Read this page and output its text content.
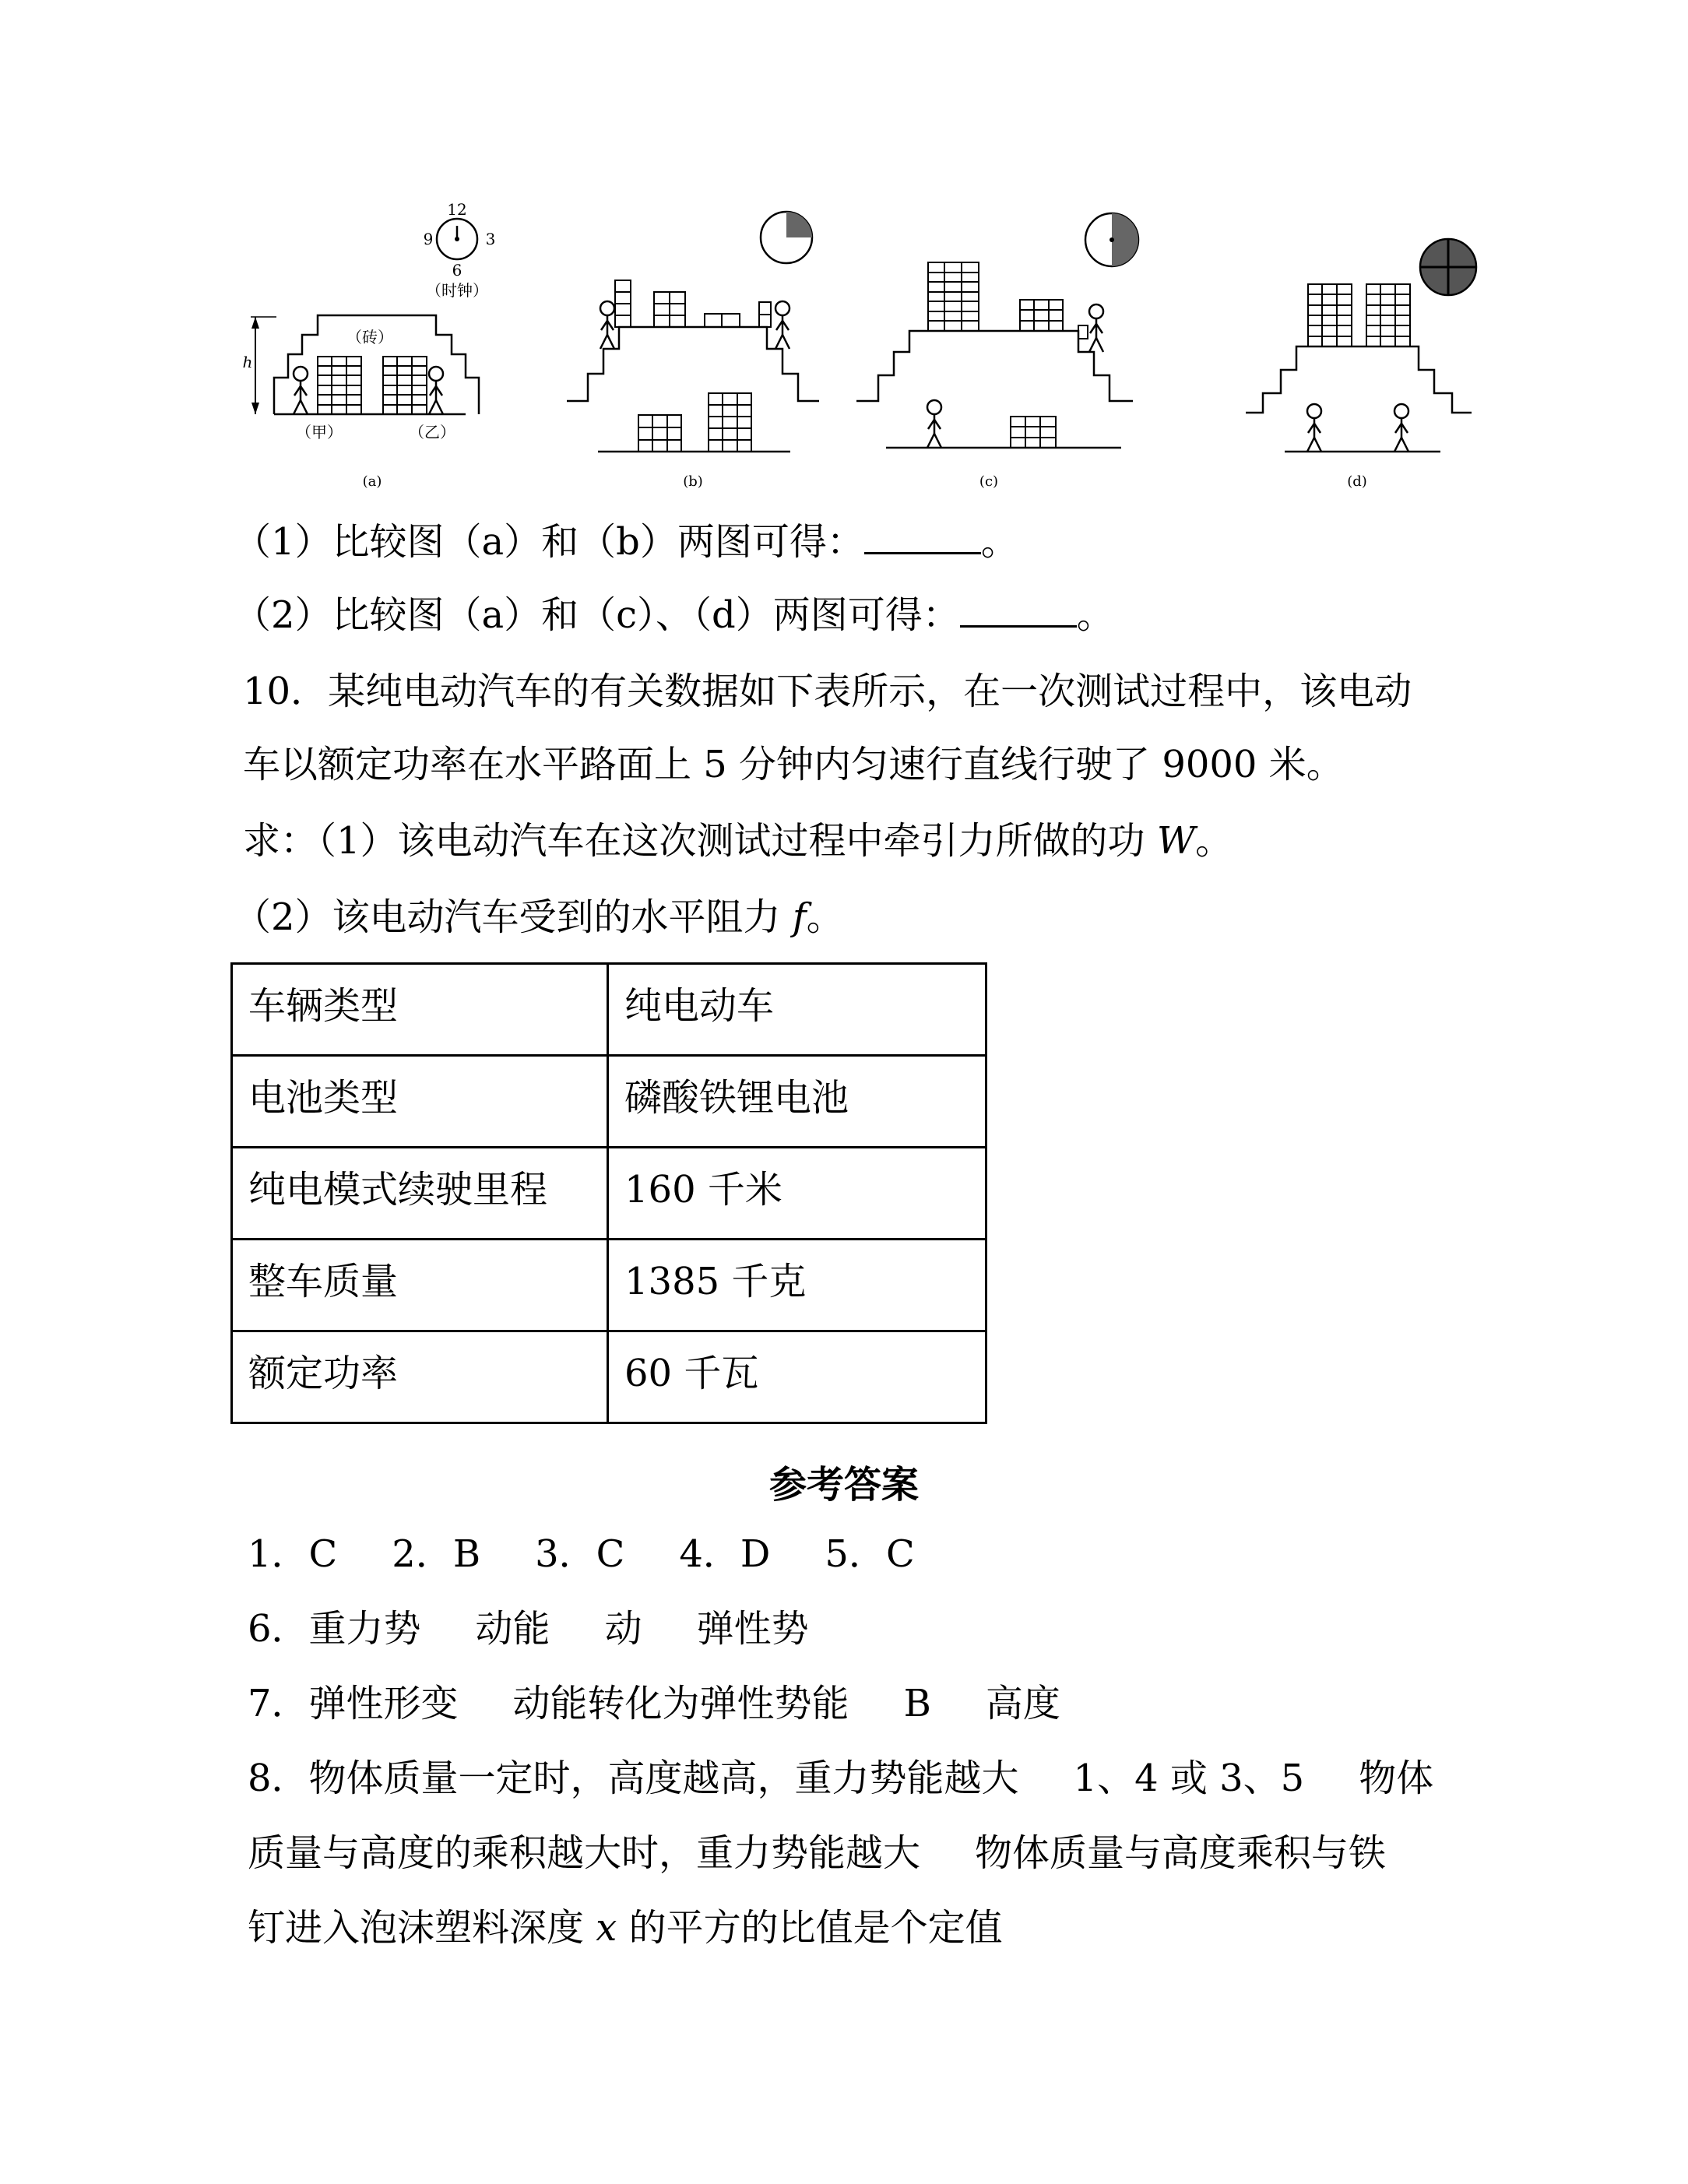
12
3
6
9
（时钟）
（砖）
h
（甲）	（乙）
(a)	(b)	(c)	(d)
（1）比较图（a）和（b）两图可得：	。
（2）比较图（a）和（c）、（d）两图可得：	。
10．某纯电动汽车的有关数据如下表所示，在一次测试过程中，该电动
车以额定功率在水平路面上 5 分钟内匀速行直线行驶了 9000 米。
求：（1）该电动汽车在这次测试过程中牵引力所做的功 W。
（2）该电动汽车受到的水平阻力 f。
车辆类型	纯电动车
电池类型	磷酸铁锂电池
纯电模式续驶里程	160 千米
整车质量	1385 千克
额定功率	60 千瓦
参考答案
1．C 2．B 3．C 4．D 5．C
6．重力势 动能 动 弹性势
7．弹性形变 动能转化为弹性势能 B 高度
8．物体质量一定时，高度越高，重力势能越大 1、4 或 3、5 物体
质量与高度的乘积越大时，重力势能越大 物体质量与高度乘积与铁
钉进入泡沫塑料深度 x 的平方的比值是个定值
